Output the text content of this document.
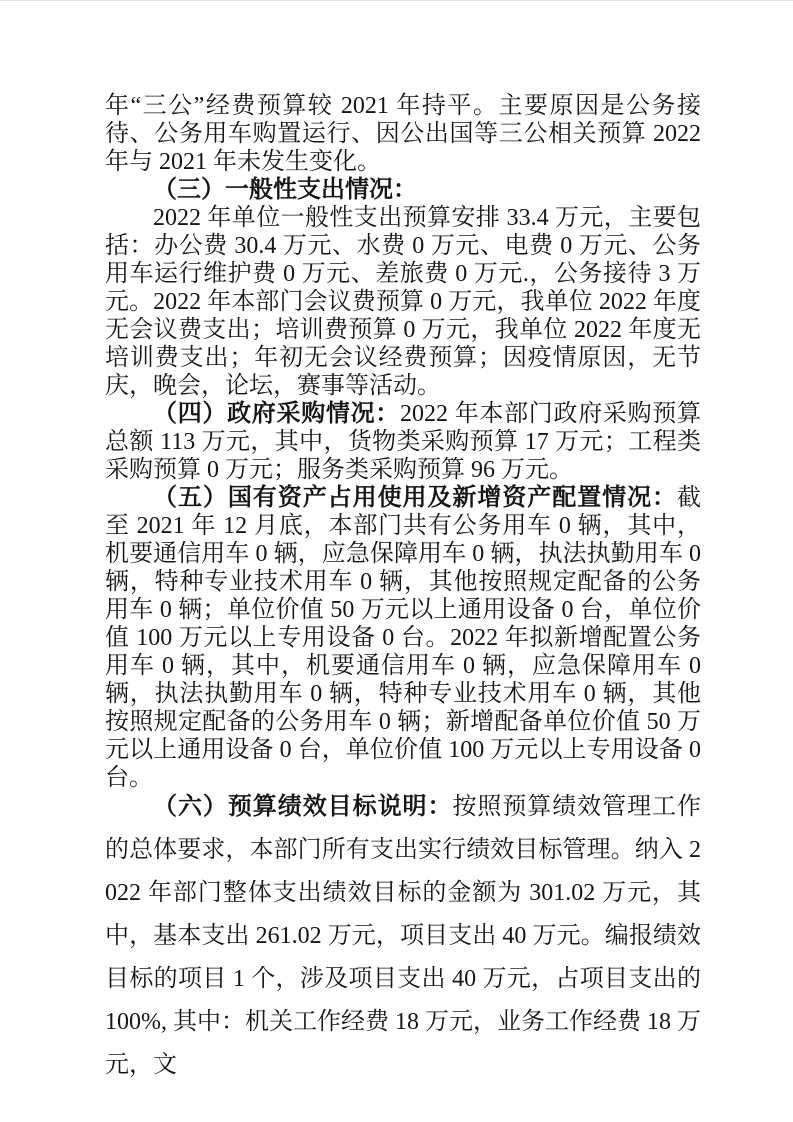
年“三公”经费预算较 2021 年持平。主要原因是公务接待、公务用车购置运行、因公出国等三公相关预算 2022 年与 2021 年未发生变化。

（三）一般性支出情况：

2022 年单位一般性支出预算安排 33.4 万元，主要包括：办公费 30.4 万元、水费 0 万元、电费 0 万元、公务用车运行维护费 0 万元、差旅费 0 万元.，公务接待 3 万元。2022 年本部门会议费预算 0 万元，我单位 2022 年度无会议费支出；培训费预算 0 万元，我单位 2022 年度无培训费支出；年初无会议经费预算；因疫情原因，无节庆，晚会，论坛，赛事等活动。

（四）政府采购情况：2022 年本部门政府采购预算总额 113 万元，其中，货物类采购预算 17 万元；工程类采购预算 0 万元；服务类采购预算 96 万元。

（五）国有资产占用使用及新增资产配置情况：截至 2021 年 12 月底，本部门共有公务用车 0 辆，其中，机要通信用车 0 辆，应急保障用车 0 辆，执法执勤用车 0 辆，特种专业技术用车 0 辆，其他按照规定配备的公务用车 0 辆；单位价值 50 万元以上通用设备 0 台，单位价值 100 万元以上专用设备 0 台。2022 年拟新增配置公务用车 0 辆，其中，机要通信用车 0 辆，应急保障用车 0 辆，执法执勤用车 0 辆，特种专业技术用车 0 辆，其他按照规定配备的公务用车 0 辆；新增配备单位价值 50 万元以上通用设备 0 台，单位价值 100 万元以上专用设备 0 台。

（六）预算绩效目标说明：按照预算绩效管理工作的总体要求，本部门所有支出实行绩效目标管理。纳入 2022 年部门整体支出绩效目标的金额为 301.02 万元，其中，基本支出 261.02 万元，项目支出 40 万元。编报绩效目标的项目 1 个，涉及项目支出 40 万元，占项目支出的 100%, 其中：机关工作经费 18 万元，业务工作经费 18 万元，文
